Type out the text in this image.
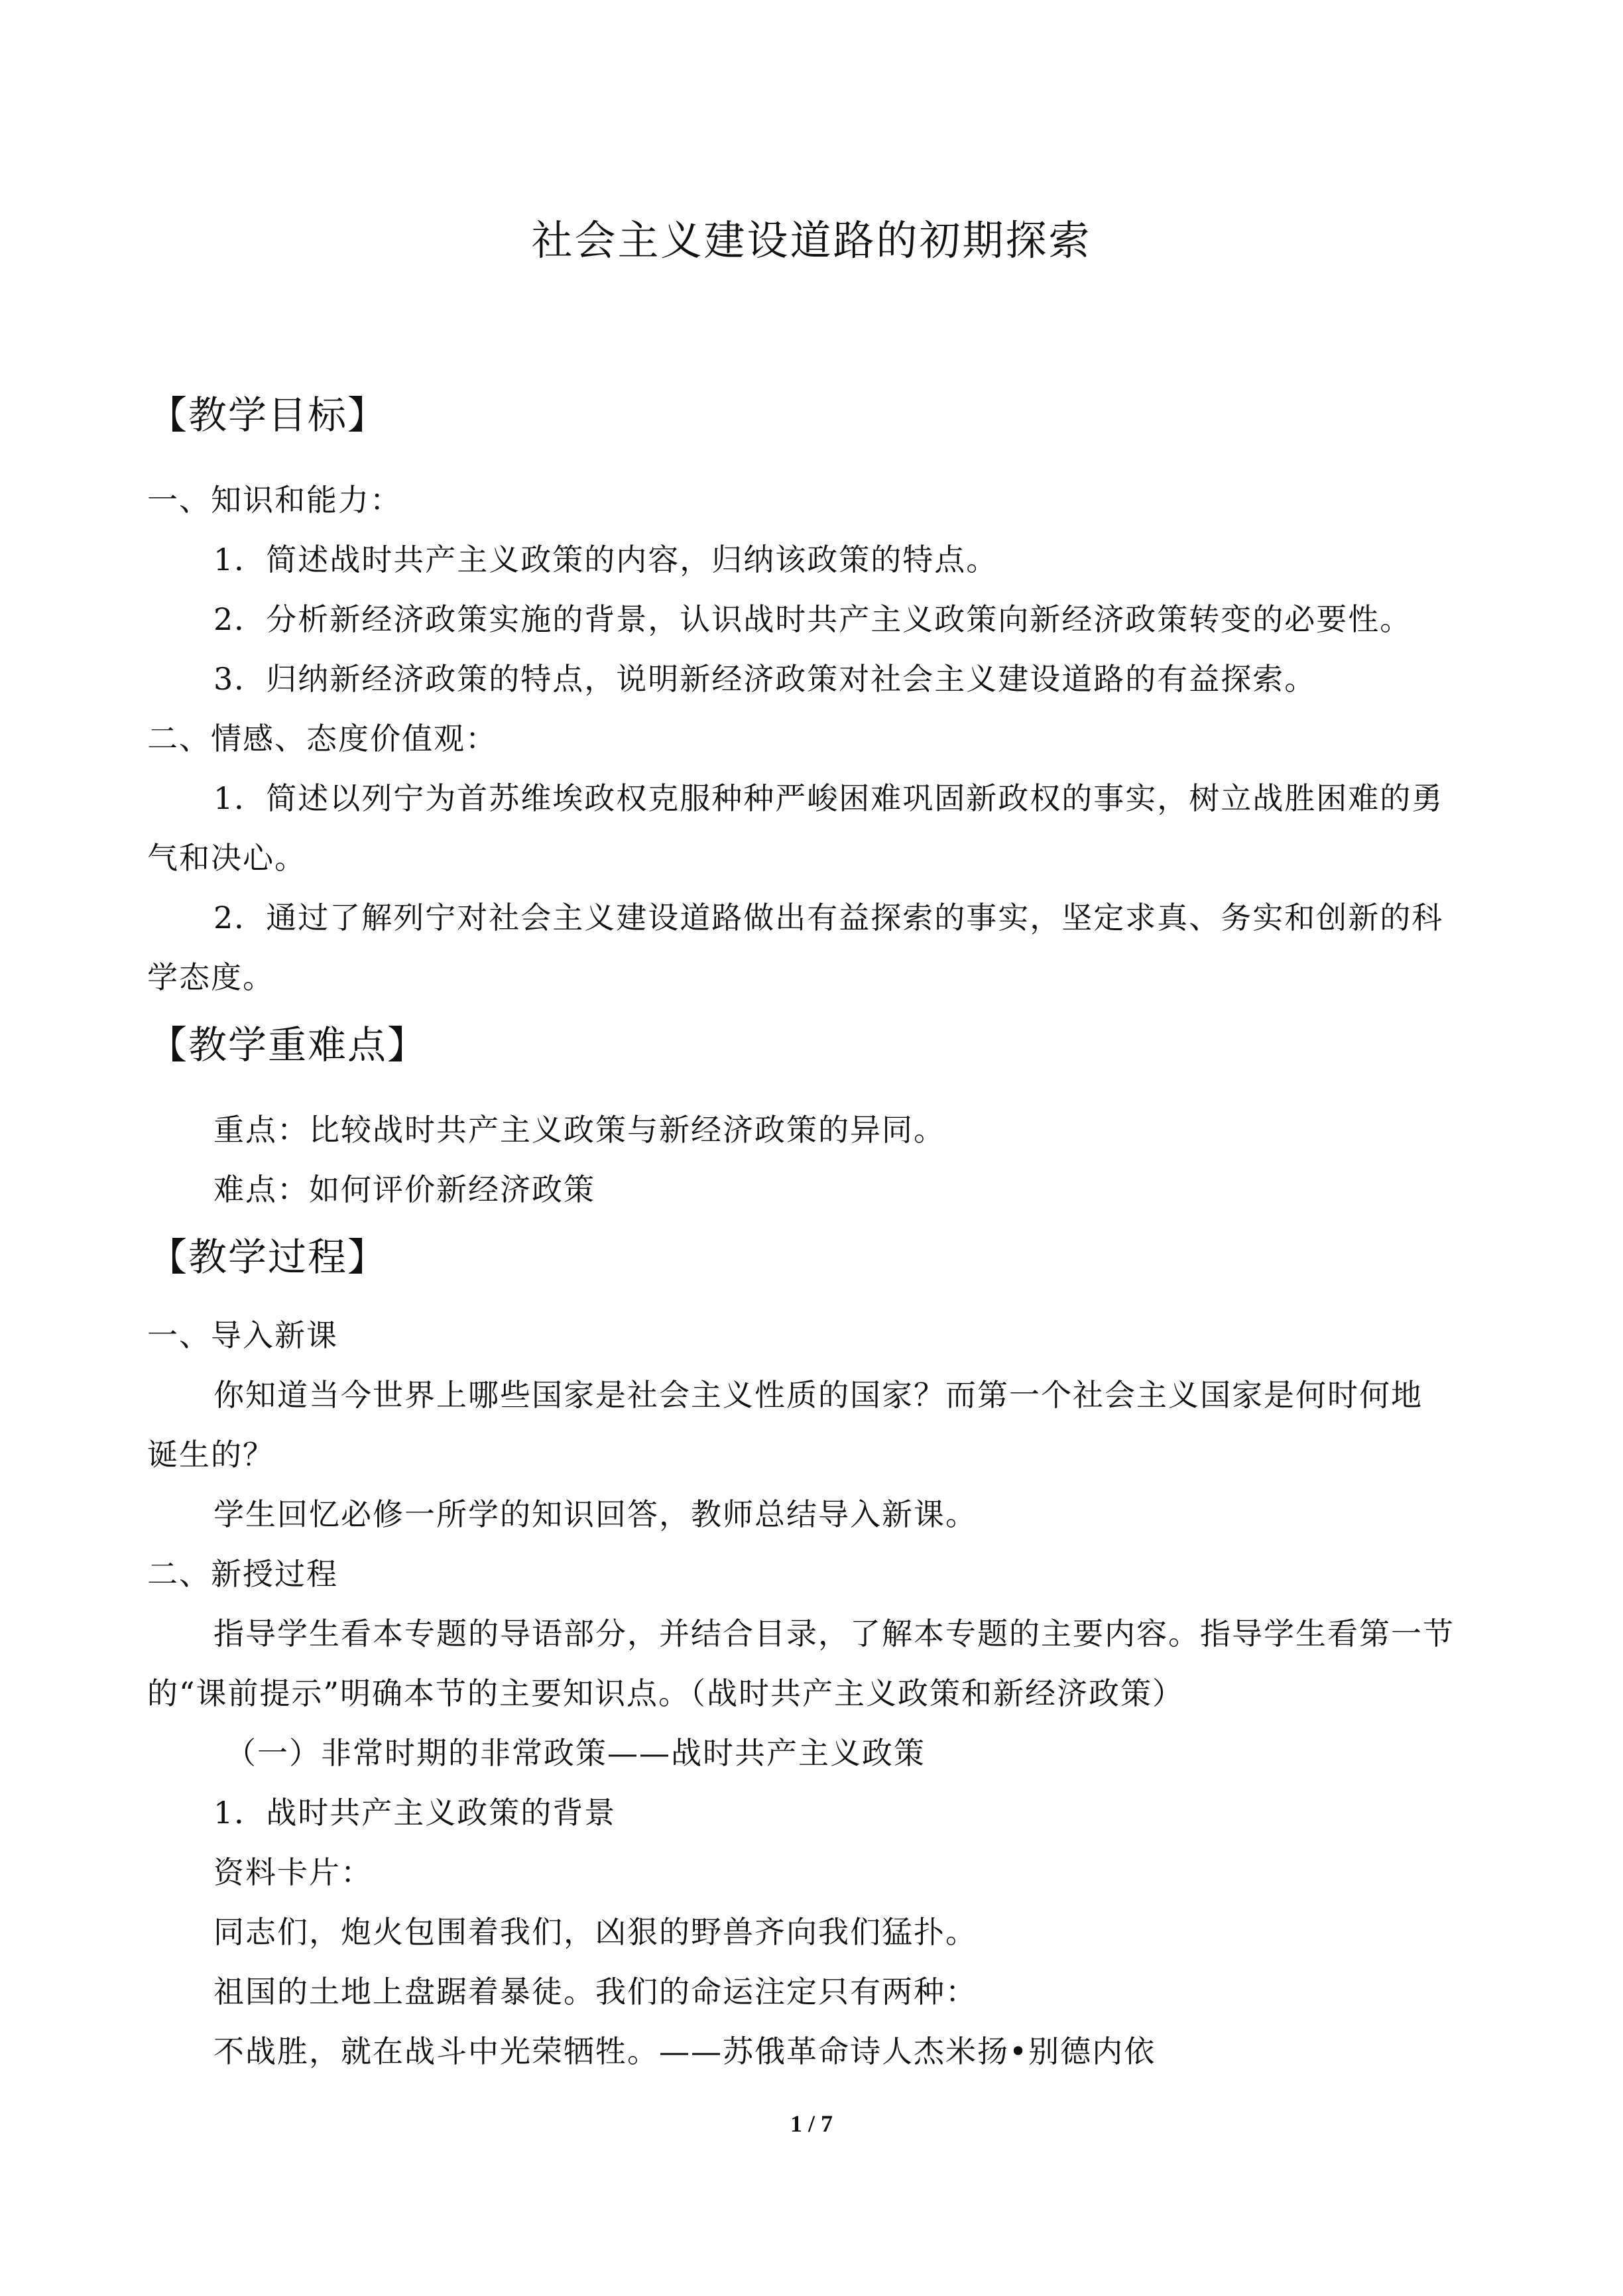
社会主义建设道路的初期探索
【教学目标】
一、知识和能力：
1．简述战时共产主义政策的内容，归纳该政策的特点。
2．分析新经济政策实施的背景，认识战时共产主义政策向新经济政策转变的必要性。
3．归纳新经济政策的特点，说明新经济政策对社会主义建设道路的有益探索。
二、情感、态度价值观：
1．简述以列宁为首苏维埃政权克服种种严峻困难巩固新政权的事实，树立战胜困难的勇
气和决心。
2．通过了解列宁对社会主义建设道路做出有益探索的事实，坚定求真、务实和创新的科
学态度。
【教学重难点】
重点：比较战时共产主义政策与新经济政策的异同。
难点：如何评价新经济政策
【教学过程】
一、导入新课
你知道当今世界上哪些国家是社会主义性质的国家？而第一个社会主义国家是何时何地
诞生的？
学生回忆必修一所学的知识回答，教师总结导入新课。
二、新授过程
指导学生看本专题的导语部分，并结合目录，了解本专题的主要内容。指导学生看第一节
的“课前提示”明确本节的主要知识点。（战时共产主义政策和新经济政策）
（一）非常时期的非常政策——战时共产主义政策
1．战时共产主义政策的背景
资料卡片：
同志们，炮火包围着我们，凶狠的野兽齐向我们猛扑。
祖国的土地上盘踞着暴徒。我们的命运注定只有两种：
不战胜，就在战斗中光荣牺牲。——苏俄革命诗人杰米扬•别德内依
1 / 7
